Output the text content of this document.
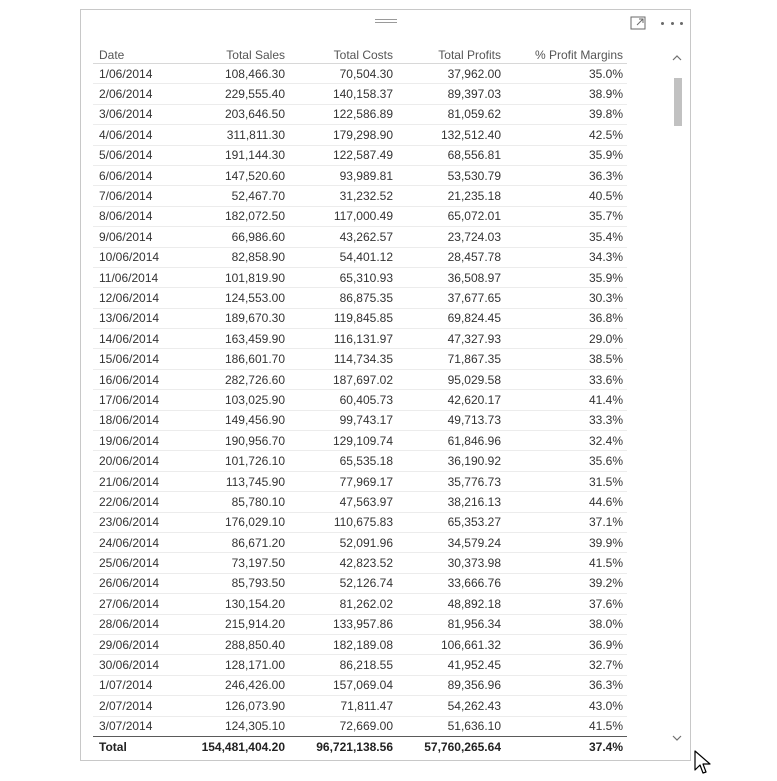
Date	Total Sales	Total Costs	Total Profits	% Profit Margins
1/06/2014	108,466.30	70,504.30	37,962.00	35.0%
2/06/2014	229,555.40	140,158.37	89,397.03	38.9%
3/06/2014	203,646.50	122,586.89	81,059.62	39.8%
4/06/2014	311,811.30	179,298.90	132,512.40	42.5%
5/06/2014	191,144.30	122,587.49	68,556.81	35.9%
6/06/2014	147,520.60	93,989.81	53,530.79	36.3%
7/06/2014	52,467.70	31,232.52	21,235.18	40.5%
8/06/2014	182,072.50	117,000.49	65,072.01	35.7%
9/06/2014	66,986.60	43,262.57	23,724.03	35.4%
10/06/2014	82,858.90	54,401.12	28,457.78	34.3%
11/06/2014	101,819.90	65,310.93	36,508.97	35.9%
12/06/2014	124,553.00	86,875.35	37,677.65	30.3%
13/06/2014	189,670.30	119,845.85	69,824.45	36.8%
14/06/2014	163,459.90	116,131.97	47,327.93	29.0%
15/06/2014	186,601.70	114,734.35	71,867.35	38.5%
16/06/2014	282,726.60	187,697.02	95,029.58	33.6%
17/06/2014	103,025.90	60,405.73	42,620.17	41.4%
18/06/2014	149,456.90	99,743.17	49,713.73	33.3%
19/06/2014	190,956.70	129,109.74	61,846.96	32.4%
20/06/2014	101,726.10	65,535.18	36,190.92	35.6%
21/06/2014	113,745.90	77,969.17	35,776.73	31.5%
22/06/2014	85,780.10	47,563.97	38,216.13	44.6%
23/06/2014	176,029.10	110,675.83	65,353.27	37.1%
24/06/2014	86,671.20	52,091.96	34,579.24	39.9%
25/06/2014	73,197.50	42,823.52	30,373.98	41.5%
26/06/2014	85,793.50	52,126.74	33,666.76	39.2%
27/06/2014	130,154.20	81,262.02	48,892.18	37.6%
28/06/2014	215,914.20	133,957.86	81,956.34	38.0%
29/06/2014	288,850.40	182,189.08	106,661.32	36.9%
30/06/2014	128,171.00	86,218.55	41,952.45	32.7%
1/07/2014	246,426.00	157,069.04	89,356.96	36.3%
2/07/2014	126,073.90	71,811.47	54,262.43	43.0%
3/07/2014	124,305.10	72,669.00	51,636.10	41.5%
Total	154,481,404.20	96,721,138.56	57,760,265.64	37.4%
